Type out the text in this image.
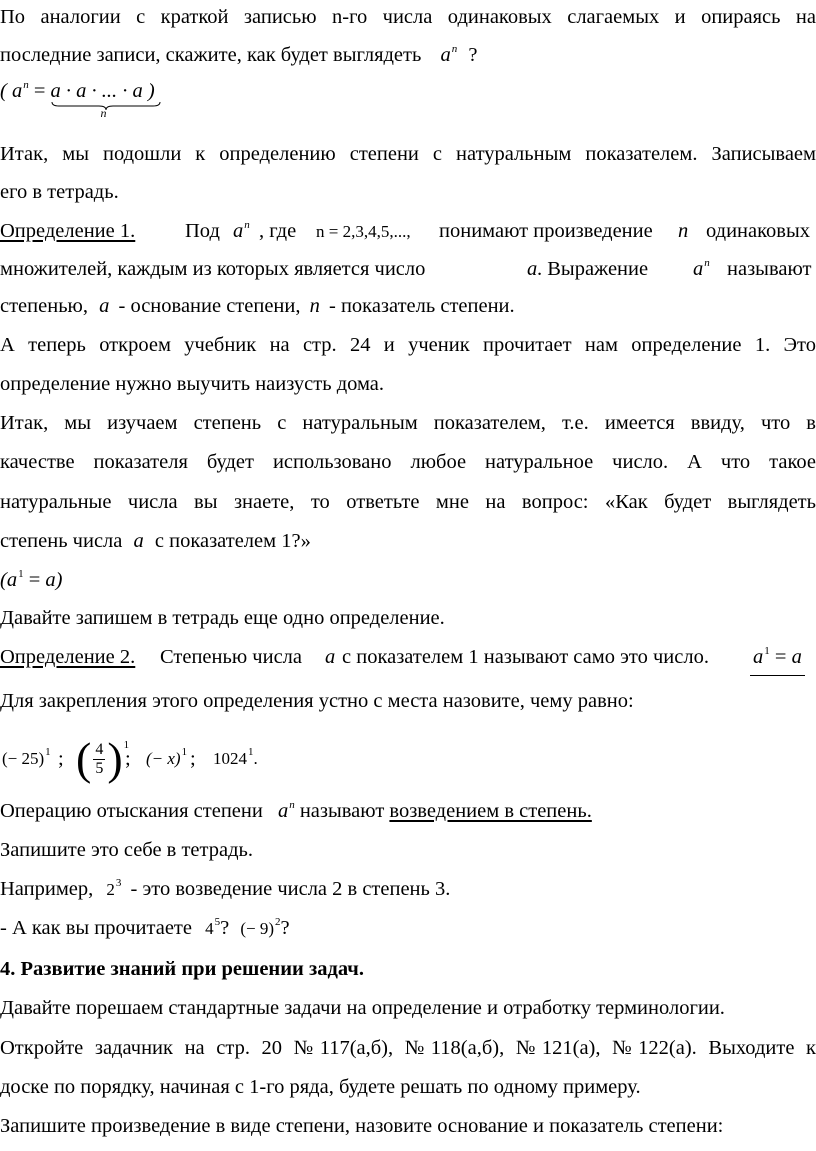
По аналогии с краткой записью n-го числа одинаковых слагаемых и опираясь на
последние записи, скажите, как будет выглядеть $a^n$ ?
( $a^n = a \cdot a$ · ... · a
n
)
Итак, мы подошли к определению степени с натуральным показателем. Записываем
его в тетрадь.
Определение 1. Под $a^n$ , где n = 2,3,4,5,..., понимают произведение n одинаковых
множителей, каждым из которых является число	a . Выражение $a^n$ называют
степенью, a - основание степени, n - показатель степени.
А теперь откроем учебник на стр. 24 и ученик прочитает нам определение 1. Это
определение нужно выучить наизусть дома.
Итак, мы изучаем степень с натуральным показателем, т.е. имеется ввиду, что в
качестве показателя будет использовано любое натуральное число. А что такое
натуральные числа вы знаете, то ответьте мне на вопрос: «Как будет выглядеть
степень числа a с показателем 1?»
$(a^1 = a)$
Давайте запишем в тетрадь еще одно определение.
Определение 2. Степенью числа a с показателем 1 называют само это число. $a^1 = a$
Для закрепления этого определения устно с места назовите, чему равно:
(− 25)$^1$ ; ( $\frac{4}{5} )^1$
; (− x)$^1$ ; 1024$^1$.
Операцию отыскания степени $a^n$ называют возведением в степень.
Запишите это себе в тетрадь.
Например, $2^3$ - это возведение числа 2 в степень 3.
- А как вы прочитаете $4^5$? (− 9)$^2$?
4. Развитие знаний при решении задач.
Давайте порешаем стандартные задачи на определение и отработку терминологии.
Откройте задачник на стр. 20 №117(а,б), №118(а,б), №121(а), №122(а). Выходите к
доске по порядку, начиная с 1-го ряда, будете решать по одному примеру.
Запишите произведение в виде степени, назовите основание и показатель степени:
